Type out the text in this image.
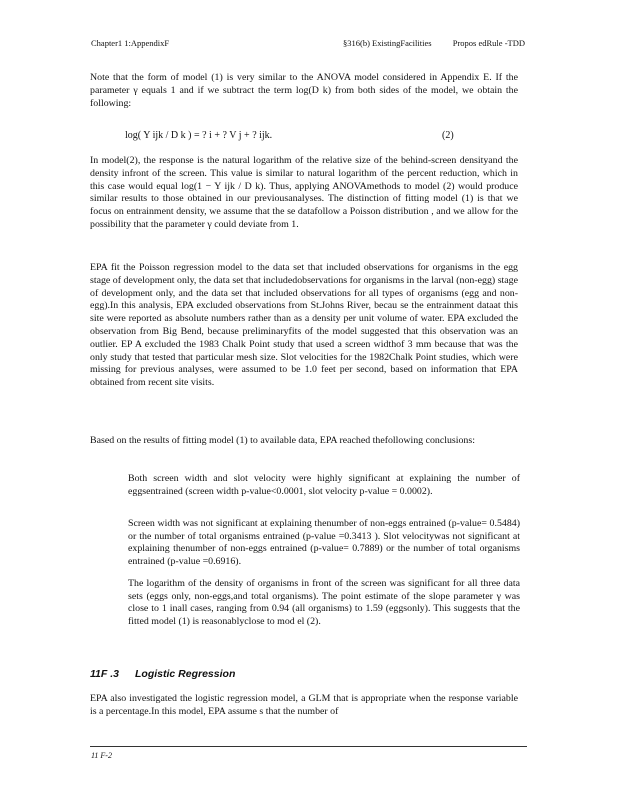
Chapter1 1:AppendixF	§316(b) ExistingFacilities Propos edRule -TDD

Note that the form of model (1) is very similar to the ANOVA model considered in Appendix E. If the parameter γ equals 1 and if we subtract the term log(D k) from both sides of the model, we obtain the following:

log( Y ijk / D k ) = ? i + ? V j + ? ijk.	(2)

In model(2), the response is the natural logarithm of the relative size of the behind-screen densityand the density infront of the screen. This value is similar to natural logarithm of the percent reduction, which in this case would equal log(1 − Y ijk / D k). Thus, applying ANOVAmethods to model (2) would produce similar results to those obtained in our previousanalyses. The distinction of fitting model (1) is that we focus on entrainment density, we assume that the se datafollow a Poisson distribution , and we allow for the possibility that the parameter γ could deviate from 1.

EPA fit the Poisson regression model to the data set that included observations for organisms in the egg stage of development only, the data set that includedobservations for organisms in the larval (non-egg) stage of development only, and the data set that included observations for all types of organisms (egg and non-egg).In this analysis, EPA excluded observations from St.Johns River, becau se the entrainment dataat this site were reported as absolute numbers rather than as a density per unit volume of water. EPA excluded the observation from Big Bend, because preliminaryfits of the model suggested that this observation was an outlier. EP A excluded the 1983 Chalk Point study that used a screen widthof 3 mm because that was the only study that tested that particular mesh size. Slot velocities for the 1982Chalk Point studies, which were missing for previous analyses, were assumed to be 1.0 feet per second, based on information that EPA obtained from recent site visits.

Based on the results of fitting model (1) to available data, EPA reached thefollowing conclusions:

Both screen width and slot velocity were highly significant at explaining the number of eggsentrained (screen width p-value<0.0001, slot velocity p-value = 0.0002).
Screen width was not significant at explaining thenumber of non-eggs entrained (p-value= 0.5484) or the number of total organisms entrained (p-value =0.3413 ). Slot velocitywas not significant at explaining thenumber of non-eggs entrained (p-value= 0.7889) or the number of total organisms entrained (p-value =0.6916).
The logarithm of the density of organisms in front of the screen was significant for all three data sets (eggs only, non-eggs,and total organisms). The point estimate of the slope parameter γ was close to 1 inall cases, ranging from 0.94 (all organisms) to 1.59 (eggsonly). This suggests that the fitted model (1) is reasonablyclose to mod el (2).
11F .3 Logistic Regression

EPA also investigated the logistic regression model, a GLM that is appropriate when the response variable is a percentage.In this model, EPA assume s that the number of

11 F-2
